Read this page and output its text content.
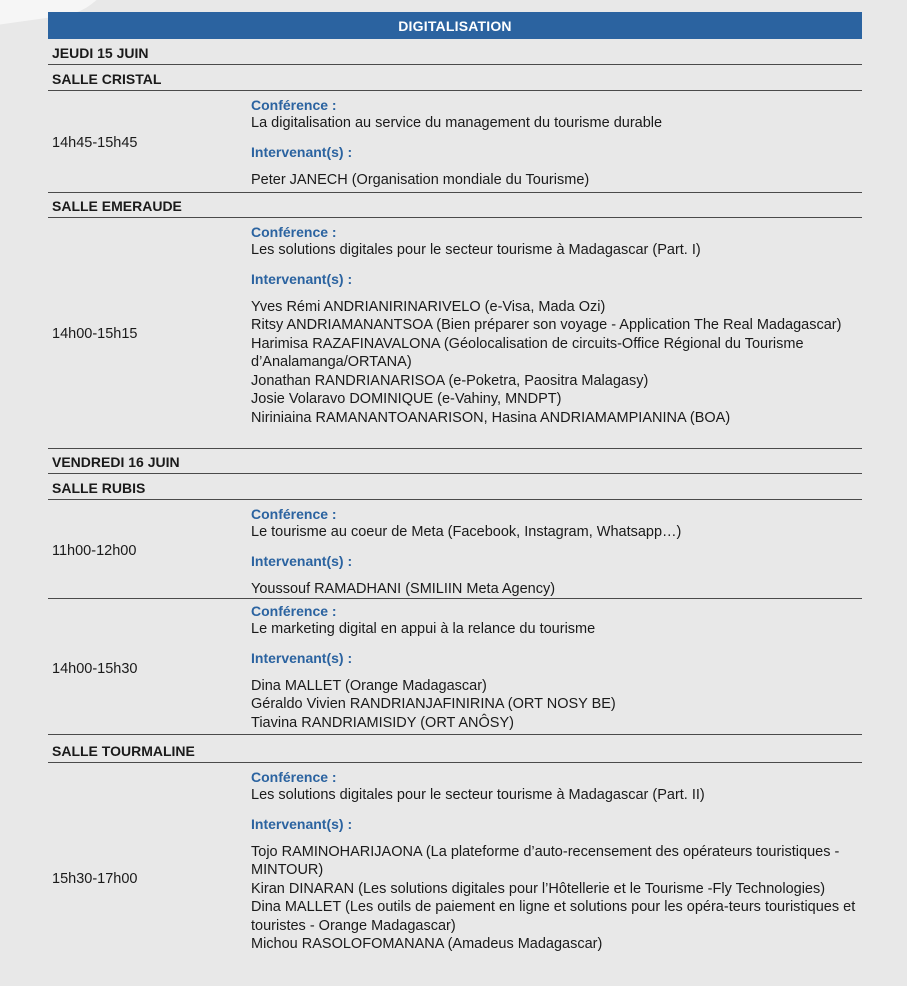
DIGITALISATION
JEUDI 15 JUIN
SALLE CRISTAL
14h45-15h45
Conférence :
La digitalisation au service du management du tourisme durable
Intervenant(s) :
Peter JANECH (Organisation mondiale du Tourisme)
SALLE EMERAUDE
14h00-15h15
Conférence :
Les solutions digitales pour le secteur tourisme à Madagascar (Part. I)
Intervenant(s) :
Yves Rémi ANDRIANIRINARIVELO (e-Visa, Mada Ozi)
Ritsy ANDRIAMANANTSOA (Bien préparer son voyage - Application The Real Madagascar)
Harimisa RAZAFINAVALONA (Géolocalisation de circuits-Office Régional du Tourisme d’Analamanga/ORTANA)
Jonathan RANDRIANARISOA (e-Poketra, Paositra Malagasy)
Josie Volaravo DOMINIQUE (e-Vahiny, MNDPT)
Niriniaina RAMANANTOANARISON, Hasina ANDRIAMAMPIANINA (BOA)
VENDREDI 16 JUIN
SALLE RUBIS
11h00-12h00
Conférence :
Le tourisme au coeur de Meta (Facebook, Instagram, Whatsapp…)
Intervenant(s) :
Youssouf RAMADHANI (SMILIIN Meta Agency)
14h00-15h30
Conférence :
Le marketing digital en appui à la relance du tourisme
Intervenant(s) :
Dina MALLET (Orange Madagascar)
Géraldo Vivien RANDRIANJAFINIRINA (ORT NOSY BE)
Tiavina RANDRIAMISIDY (ORT ANÔSY)
SALLE TOURMALINE
15h30-17h00
Conférence :
Les solutions digitales pour le secteur tourisme à Madagascar (Part. II)
Intervenant(s) :
Tojo RAMINOHARIJAONA (La plateforme d’auto-recensement des opérateurs touristiques - MINTOUR)
Kiran DINARAN (Les solutions digitales pour l’Hôtellerie et le Tourisme -Fly Technologies)
Dina MALLET (Les outils de paiement en ligne et solutions pour les opéra-teurs touristiques et touristes - Orange Madagascar)
Michou RASOLOFOMANANA (Amadeus Madagascar)
